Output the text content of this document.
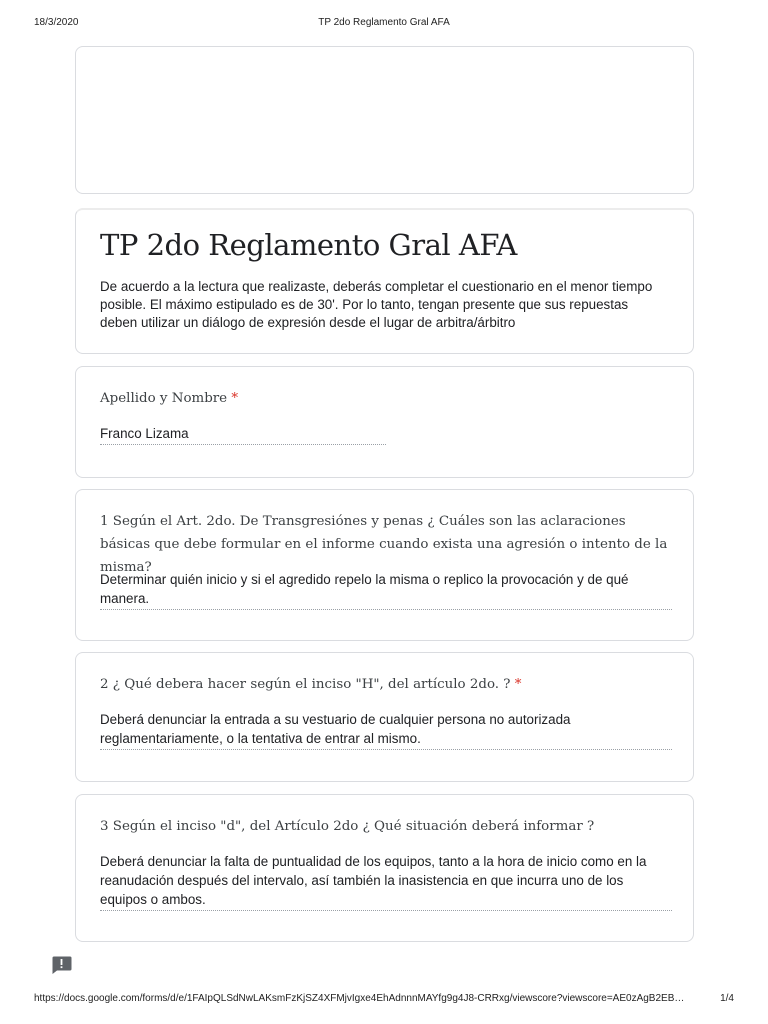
18/3/2020	TP 2do Reglamento Gral AFA
TP 2do Reglamento Gral AFA

De acuerdo a la lectura que realizaste, deberás completar el cuestionario en el menor tiempo posible. El máximo estipulado es de 30'. Por lo tanto, tengan presente que sus repuestas deben utilizar un diálogo de expresión desde el lugar de arbitra/árbitro

Apellido y Nombre *

Franco Lizama

1 Según el Art. 2do. De Transgresiónes y penas ¿ Cuáles son las aclaraciones básicas que debe formular en el informe cuando exista una agresión o intento de la misma?

Determinar quién inicio y si el agredido repelo la misma o replico la provocación y de qué manera.

2 ¿ Qué debera hacer según el inciso "H", del artículo 2do. ? *

Deberá denunciar la entrada a su vestuario de cualquier persona no autorizada reglamentariamente, o la tentativa de entrar al mismo.

3 Según el inciso "d", del Artículo 2do ¿ Qué situación deberá informar ?

Deberá denunciar la falta de puntualidad de los equipos, tanto a la hora de inicio como en la reanudación después del intervalo, así también la inasistencia en que incurra uno de los equipos o ambos.

https://docs.google.com/forms/d/e/1FAIpQLSdNwLAKsmFzKjSZ4XFMjvIgxe4EhAdnnnMAYfg9g4J8-CRRxg/viewscore?viewscore=AE0zAgB2EB…	1/4
